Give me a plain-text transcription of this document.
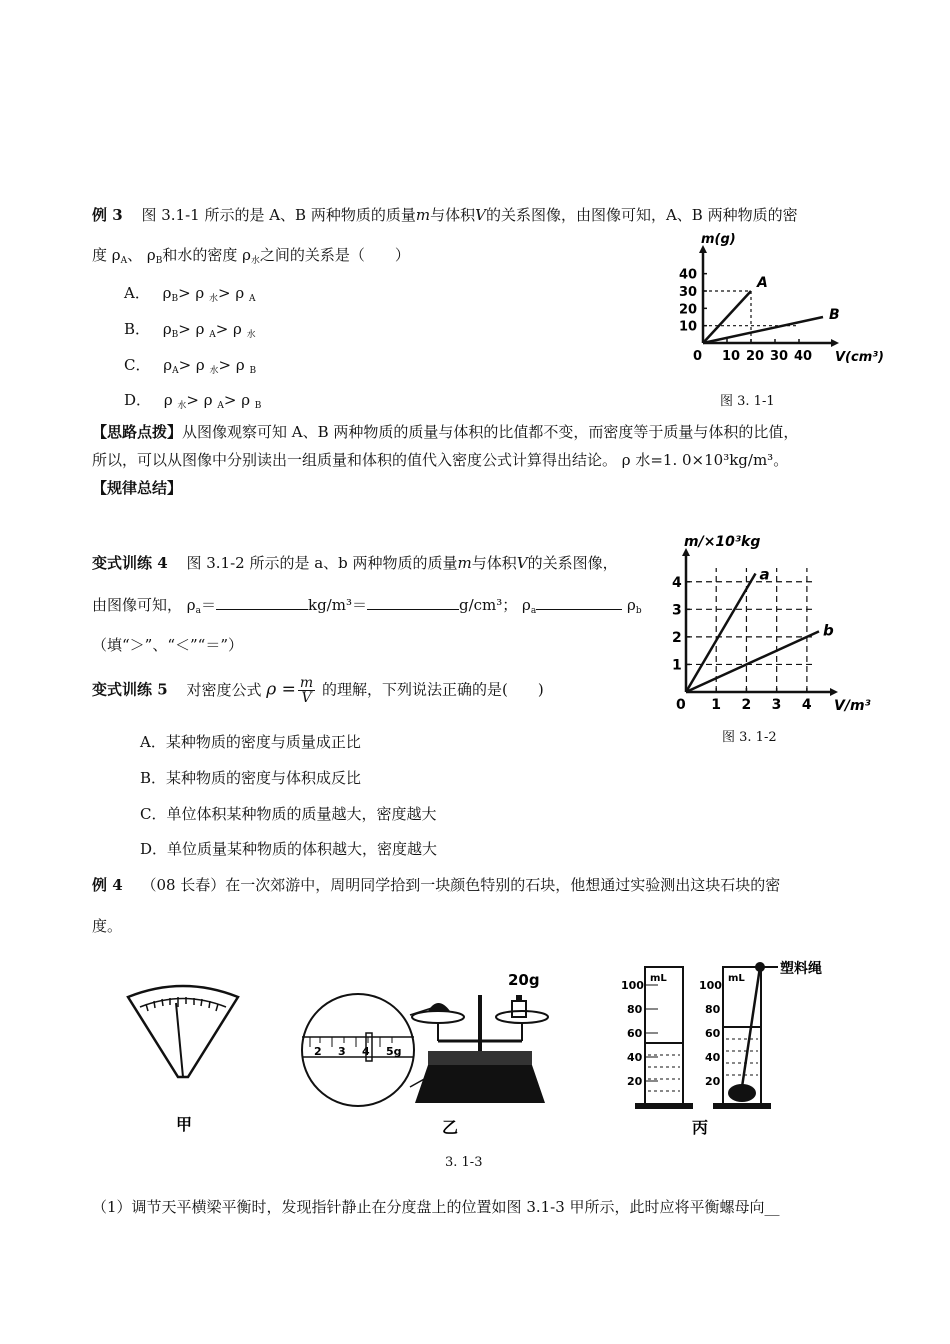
例 3 图 3.1-1 所示的是 A、B 两种物质的质量m与体积V的关系图像，由图像可知，A、B 两种物质的密
度 $\rho_A$、 $\rho_B$和水的密度 $\rho_水$之间的关系是（　　）
A． $\rho_B> \rho$ $_水$> ρ $_A$
B． $\rho_B> \rho$ $_A$> ρ $_水$
C． $\rho_A> \rho$ $_水$> ρ $_B$
D． ρ $_水$> ρ $_A$> ρ $_B$
0 10 20 30 40
10
20
30
40
m(g)
V(cm³)
A
B
图 3. 1-1
【思路点拨】从图像观察可知 A、B 两种物质的质量与体积的比值都不变，而密度等于质量与体积的比值，
所以，可以从图像中分别读出一组质量和体积的值代入密度公式计算得出结论。 ρ 水=1. 0×10³kg/m³。
【规律总结】
变式训练 4 图 3.1-2 所示的是 a、b 两种物质的质量m与体积V的关系图像，
由图像可知， $\rho_a=$	kg/m³＝	g/cm³； $\rho_a$	$\rho_b$
（填“＞”、“＜”“＝”）
0 1 2 3 4
1
2
3
4
m/×10³kg
V/m³
a
b
图 3. 1-2
变式训练 5 对密度公式 $\rho = \frac{m}{V}$ 的理解，下列说法正确的是(　　)
A．某种物质的密度与质量成正比
B．某种物质的密度与体积成反比
C．单位体积某种物质的质量越大，密度越大
D．单位质量某种物质的体积越大，密度越大
例 4 （08 长春）在一次郊游中，周明同学拾到一块颜色特别的石块，他想通过实验测出这块石块的密
度。
甲
2 3 4 5g
20g
乙
mL
100
80
60
40
20
mL
100
80
60
40
20
塑料绳
丙
3. 1-3
（1）调节天平横梁平衡时，发现指针静止在分度盘上的位置如图 3.1-3 甲所示，此时应将平衡螺母向__
